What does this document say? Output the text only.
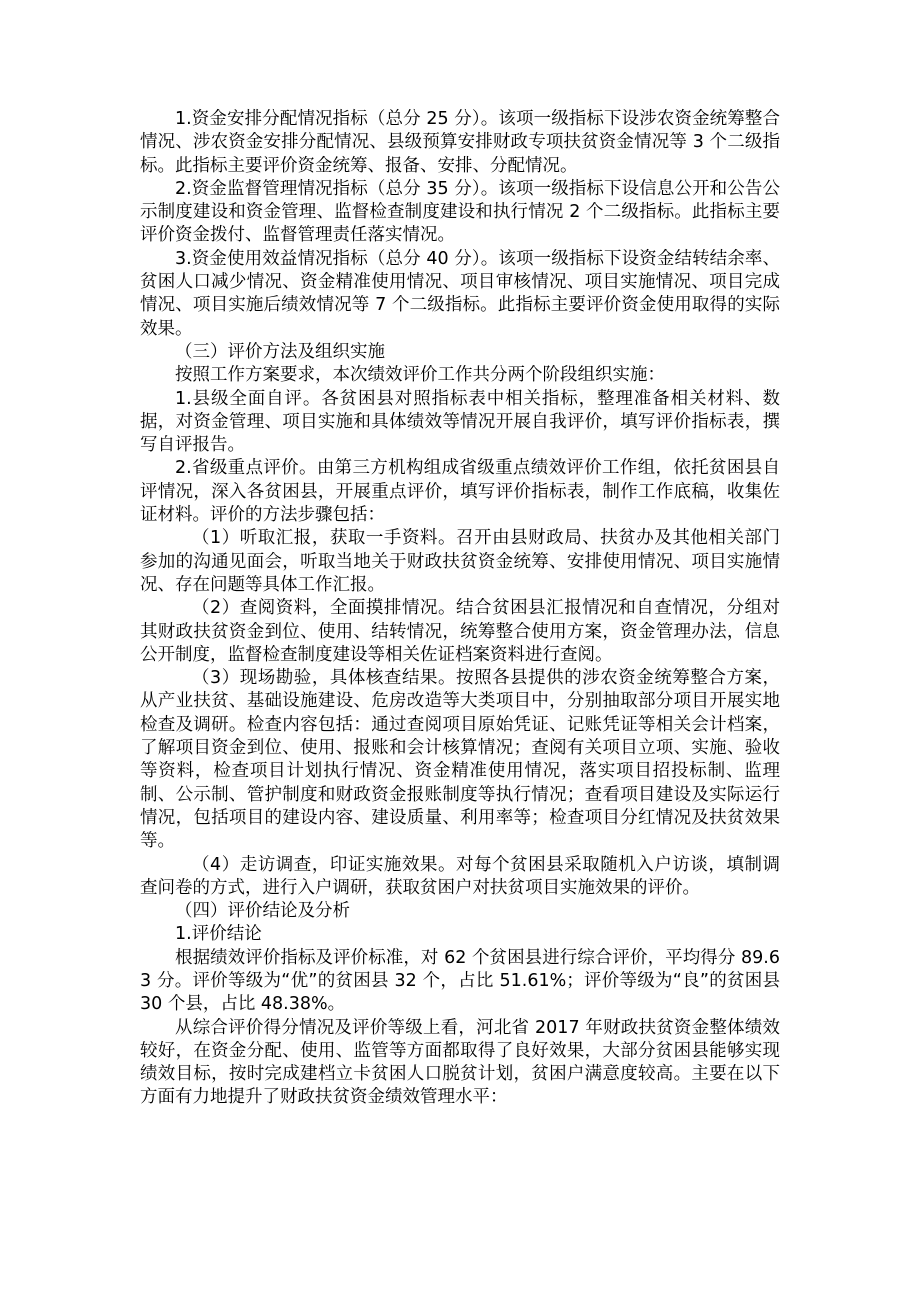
1.资金安排分配情况指标（总分 25 分）。该项一级指标下设涉农资金统筹整合情况、涉农资金安排分配情况、县级预算安排财政专项扶贫资金情况等 3 个二级指标。此指标主要评价资金统筹、报备、安排、分配情况。

2.资金监督管理情况指标（总分 35 分）。该项一级指标下设信息公开和公告公示制度建设和资金管理、监督检查制度建设和执行情况 2 个二级指标。此指标主要评价资金拨付、监督管理责任落实情况。

3.资金使用效益情况指标（总分 40 分）。该项一级指标下设资金结转结余率、贫困人口减少情况、资金精准使用情况、项目审核情况、项目实施情况、项目完成情况、项目实施后绩效情况等 7 个二级指标。此指标主要评价资金使用取得的实际效果。

（三）评价方法及组织实施

按照工作方案要求，本次绩效评价工作共分两个阶段组织实施：

1.县级全面自评。各贫困县对照指标表中相关指标，整理准备相关材料、数据，对资金管理、项目实施和具体绩效等情况开展自我评价，填写评价指标表，撰写自评报告。

2.省级重点评价。由第三方机构组成省级重点绩效评价工作组，依托贫困县自评情况，深入各贫困县，开展重点评价，填写评价指标表，制作工作底稿，收集佐证材料。评价的方法步骤包括：

（1）听取汇报，获取一手资料。召开由县财政局、扶贫办及其他相关部门参加的沟通见面会，听取当地关于财政扶贫资金统筹、安排使用情况、项目实施情况、存在问题等具体工作汇报。

（2）查阅资料，全面摸排情况。结合贫困县汇报情况和自查情况，分组对其财政扶贫资金到位、使用、结转情况，统筹整合使用方案，资金管理办法，信息公开制度，监督检查制度建设等相关佐证档案资料进行查阅。

（3）现场勘验，具体核查结果。按照各县提供的涉农资金统筹整合方案，从产业扶贫、基础设施建设、危房改造等大类项目中，分别抽取部分项目开展实地检查及调研。检查内容包括：通过查阅项目原始凭证、记账凭证等相关会计档案，了解项目资金到位、使用、报账和会计核算情况；查阅有关项目立项、实施、验收等资料，检查项目计划执行情况、资金精准使用情况，落实项目招投标制、监理制、公示制、管护制度和财政资金报账制度等执行情况；查看项目建设及实际运行情况，包括项目的建设内容、建设质量、利用率等；检查项目分红情况及扶贫效果等。

（4）走访调查，印证实施效果。对每个贫困县采取随机入户访谈，填制调查问卷的方式，进行入户调研，获取贫困户对扶贫项目实施效果的评价。

（四）评价结论及分析

1.评价结论

根据绩效评价指标及评价标准，对 62 个贫困县进行综合评价，平均得分 89.63 分。评价等级为“优”的贫困县 32 个，占比 51.61%；评价等级为“良”的贫困县 30 个县，占比 48.38%。

从综合评价得分情况及评价等级上看，河北省 2017 年财政扶贫资金整体绩效较好，在资金分配、使用、监管等方面都取得了良好效果，大部分贫困县能够实现绩效目标，按时完成建档立卡贫困人口脱贫计划，贫困户满意度较高。主要在以下方面有力地提升了财政扶贫资金绩效管理水平：
